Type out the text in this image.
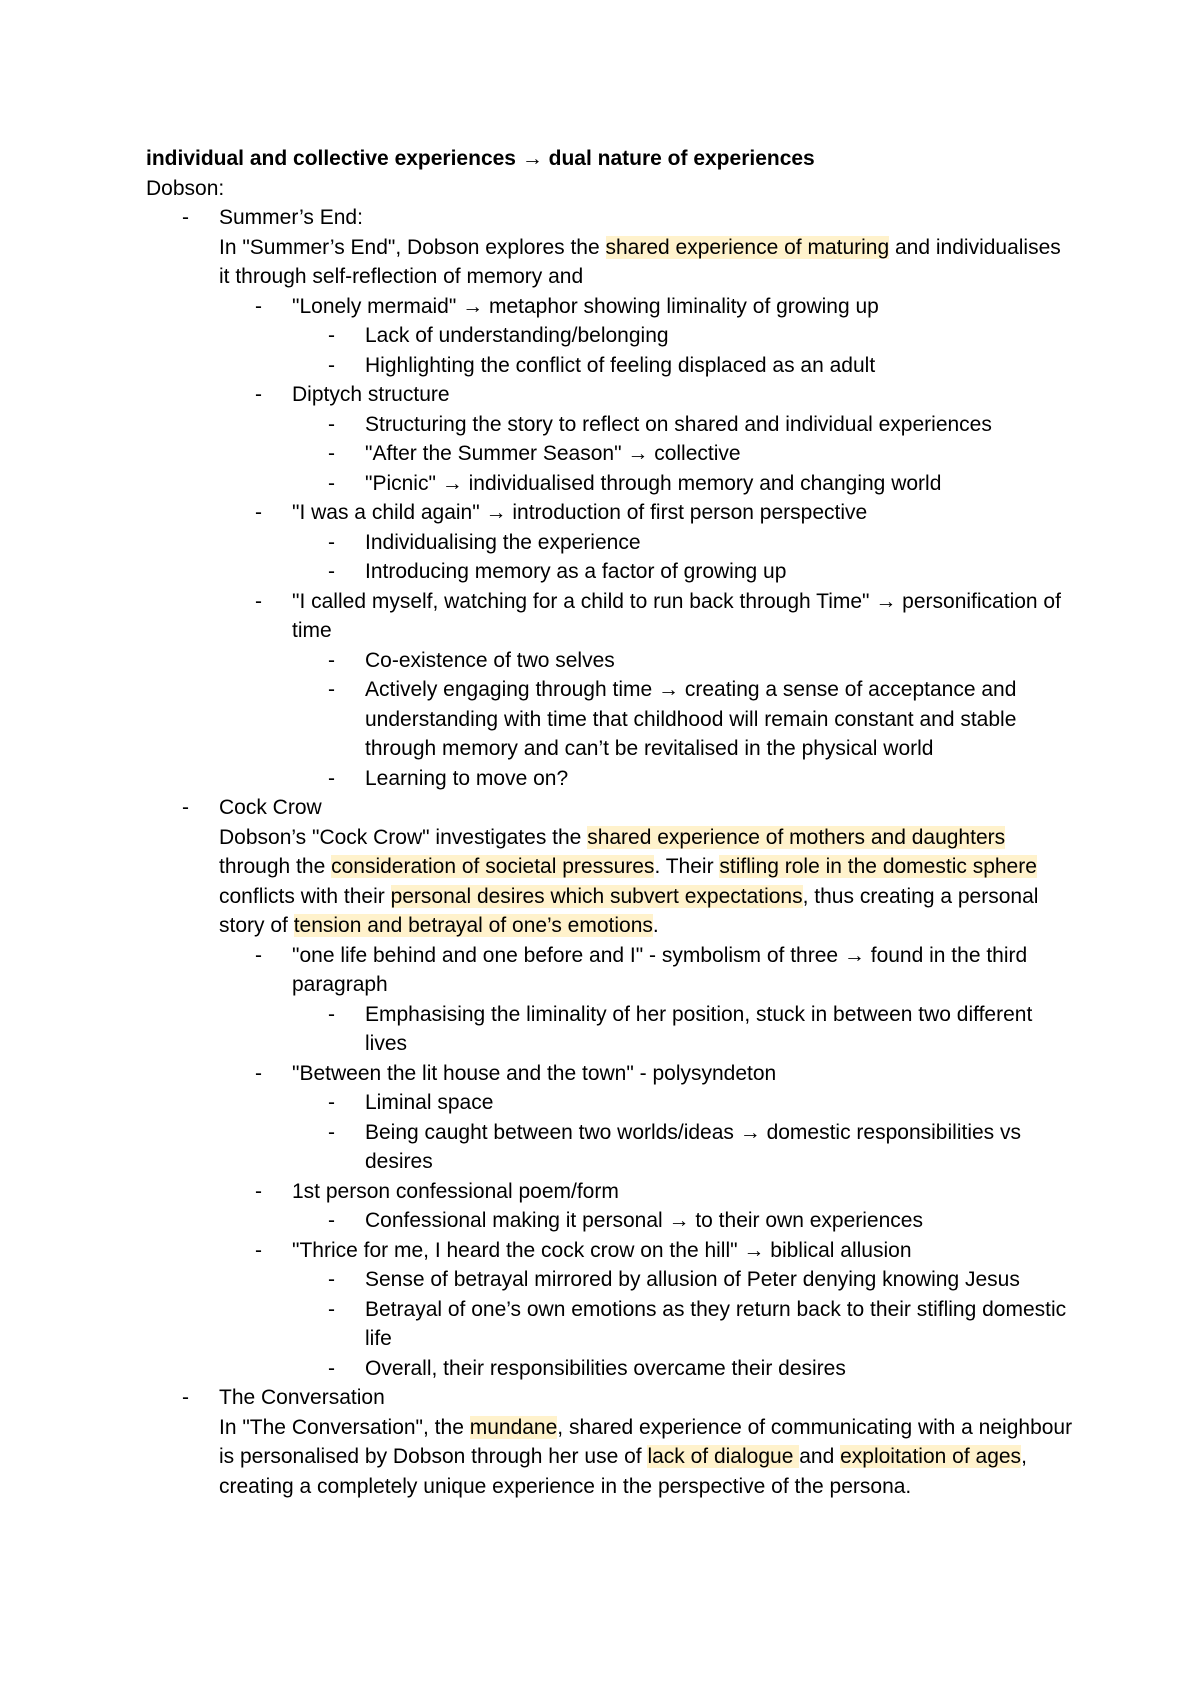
individual and collective experiences → dual nature of experiences
Dobson:
- Summer’s End:
In "Summer’s End", Dobson explores the shared experience of maturing and individualises it through self-reflection of memory and
- "Lonely mermaid" → metaphor showing liminality of growing up
- Lack of understanding/belonging
- Highlighting the conflict of feeling displaced as an adult
- Diptych structure
- Structuring the story to reflect on shared and individual experiences
- "After the Summer Season" → collective
- "Picnic" → individualised through memory and changing world
- "I was a child again" → introduction of first person perspective
- Individualising the experience
- Introducing memory as a factor of growing up
- "I called myself, watching for a child to run back through Time" → personification of time
- Co-existence of two selves
- Actively engaging through time → creating a sense of acceptance and understanding with time that childhood will remain constant and stable through memory and can’t be revitalised in the physical world
- Learning to move on?
- Cock Crow
Dobson’s "Cock Crow" investigates the shared experience of mothers and daughters through the consideration of societal pressures. Their stifling role in the domestic sphere conflicts with their personal desires which subvert expectations, thus creating a personal story of tension and betrayal of one’s emotions.
- "one life behind and one before and I" - symbolism of three → found in the third paragraph
- Emphasising the liminality of her position, stuck in between two different lives
- "Between the lit house and the town" - polysyndeton
- Liminal space
- Being caught between two worlds/ideas → domestic responsibilities vs desires
- 1st person confessional poem/form
- Confessional making it personal → to their own experiences
- "Thrice for me, I heard the cock crow on the hill" → biblical allusion
- Sense of betrayal mirrored by allusion of Peter denying knowing Jesus
- Betrayal of one’s own emotions as they return back to their stifling domestic life
- Overall, their responsibilities overcame their desires
- The Conversation
In "The Conversation", the mundane, shared experience of communicating with a neighbour is personalised by Dobson through her use of lack of dialogue and exploitation of ages, creating a completely unique experience in the perspective of the persona.
